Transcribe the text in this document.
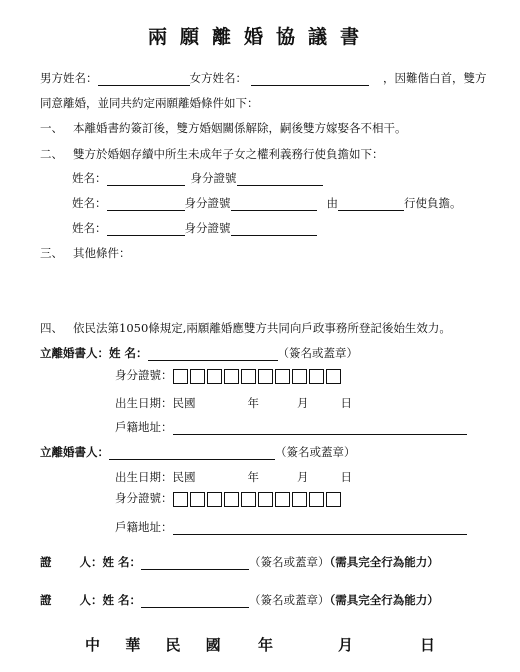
兩願離婚協議書
男方姓名：	女方姓名：	，因難偕白首，雙方
同意離婚，並同共約定兩願離婚條件如下：
一、 本離婚書約簽訂後，雙方婚姻關係解除，嗣後雙方嫁娶各不相干。
二、 雙方於婚姻存續中所生未成年子女之權利義務行使負擔如下：
姓名：	身分證號
姓名：	身分證號	由	行使負擔。
姓名：	身分證號
三、 其他條件：
四、 依民法第1050條規定,兩願離婚應雙方共同向戶政事務所登記後始生效力。
立離婚書人：姓 名：	（簽名或蓋章）
身分證號：
出生日期：民國	年	月	日
戶籍地址：
立離婚書人：	（簽名或蓋章）
出生日期：民國	年	月	日
身分證號：
戶籍地址：
證 人：姓 名：	（簽名或蓋章）（需具完全行為能力）
證 人：姓 名：	（簽名或蓋章）（需具完全行為能力）
中 華 民 國 年	月	日
